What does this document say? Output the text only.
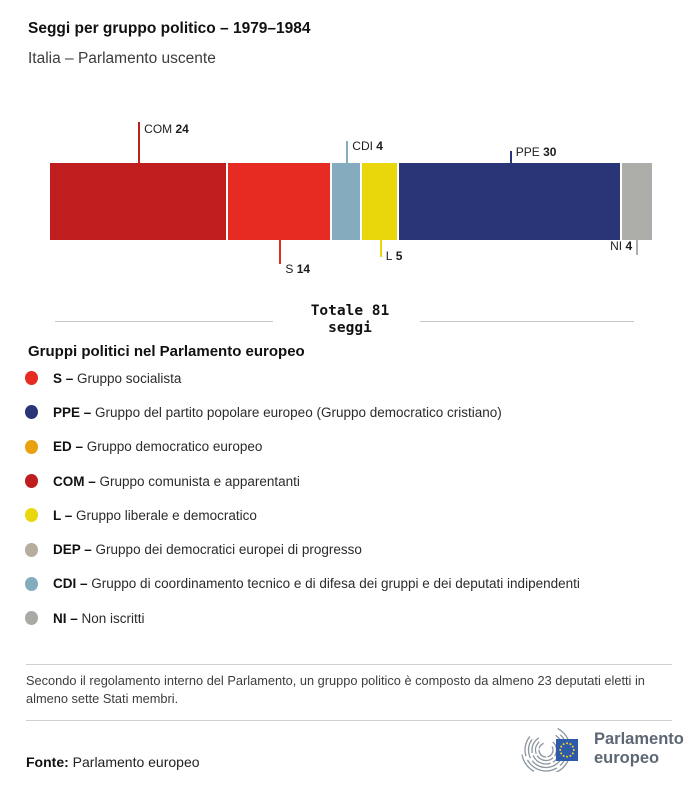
Seggi per gruppo politico – 1979–1984
Italia – Parlamento uscente
COM 24
S 14
CDI 4
L 5
PPE 30
NI 4
Totale 81
seggi
Gruppi politici nel Parlamento europeo
S – Gruppo socialista
PPE – Gruppo del partito popolare europeo (Gruppo democratico cristiano)
ED – Gruppo democratico europeo
COM – Gruppo comunista e apparentanti
L – Gruppo liberale e democratico
DEP – Gruppo dei democratici europei di progresso
CDI – Gruppo di coordinamento tecnico e di difesa dei gruppi e dei deputati indipendenti
NI – Non iscritti
Secondo il regolamento interno del Parlamento, un gruppo politico è composto da almeno 23 deputati eletti in almeno sette Stati membri.
Fonte: Parlamento europeo
Parlamento
europeo
